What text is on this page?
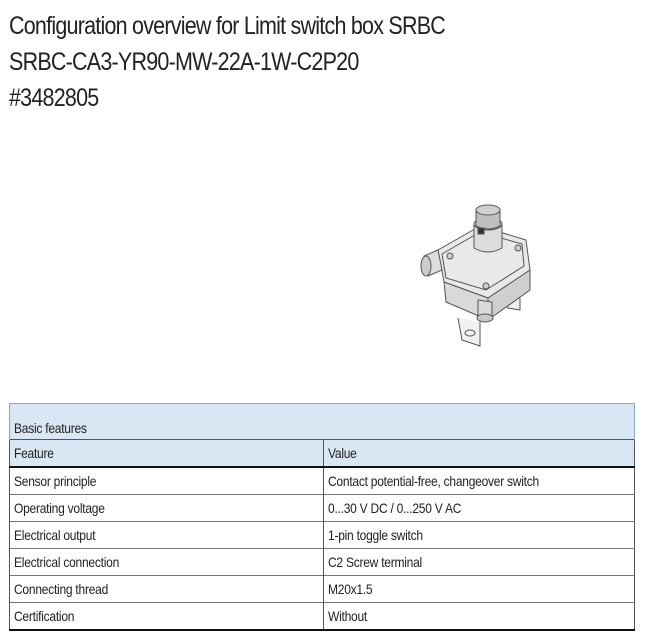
Configuration overview for Limit switch box SRBC
SRBC-CA3-YR90-MW-22A-1W-C2P20
#3482805
Basic features	
Feature	Value
Sensor principle	Contact potential-free, changeover switch
Operating voltage	0...30 V DC / 0...250 V AC
Electrical output	1-pin toggle switch
Electrical connection	C2 Screw terminal
Connecting thread	M20x1.5
Certification	Without
